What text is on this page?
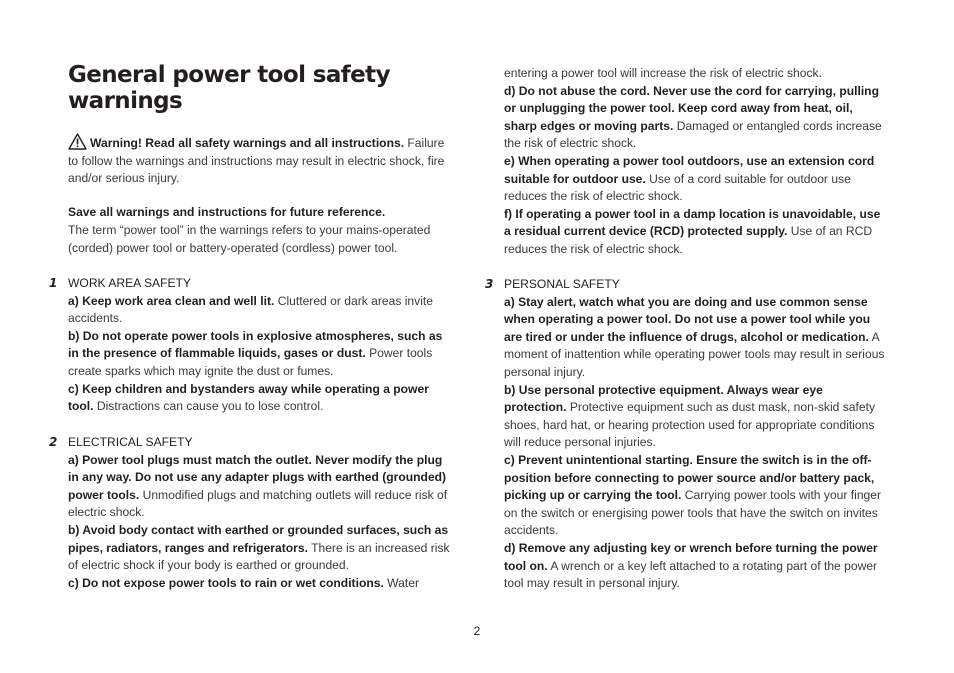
General power tool safety warnings

Warning! Read all safety warnings and all instructions. Failure to follow the warnings and instructions may result in electric shock, fire and/or serious injury.

Save all warnings and instructions for future reference.

The term “power tool” in the warnings refers to your mains-operated (corded) power tool or battery-operated (cordless) power tool.

1 WORK AREA SAFETY

a) Keep work area clean and well lit. Cluttered or dark areas invite accidents.

b) Do not operate power tools in explosive atmospheres, such as in the presence of flammable liquids, gases or dust. Power tools create sparks which may ignite the dust or fumes.

c) Keep children and bystanders away while operating a power tool. Distractions can cause you to lose control.

2 ELECTRICAL SAFETY

a) Power tool plugs must match the outlet. Never modify the plug in any way. Do not use any adapter plugs with earthed (grounded) power tools. Unmodified plugs and matching outlets will reduce risk of electric shock.

b) Avoid body contact with earthed or grounded surfaces, such as pipes, radiators, ranges and refrigerators. There is an increased risk of electric shock if your body is earthed or grounded.

c) Do not expose power tools to rain or wet conditions. Water

entering a power tool will increase the risk of electric shock.

d) Do not abuse the cord. Never use the cord for carrying, pulling or unplugging the power tool. Keep cord away from heat, oil, sharp edges or moving parts. Damaged or entangled cords increase the risk of electric shock.

e) When operating a power tool outdoors, use an extension cord suitable for outdoor use. Use of a cord suitable for outdoor use reduces the risk of electric shock.

f) If operating a power tool in a damp location is unavoidable, use a residual current device (RCD) protected supply. Use of an RCD reduces the risk of electric shock.

3 PERSONAL SAFETY

a) Stay alert, watch what you are doing and use common sense when operating a power tool. Do not use a power tool while you are tired or under the influence of drugs, alcohol or medication. A moment of inattention while operating power tools may result in serious personal injury.

b) Use personal protective equipment. Always wear eye protection. Protective equipment such as dust mask, non-skid safety shoes, hard hat, or hearing protection used for appropriate conditions will reduce personal injuries.

c) Prevent unintentional starting. Ensure the switch is in the off-position before connecting to power source and/or battery pack, picking up or carrying the tool. Carrying power tools with your finger on the switch or energising power tools that have the switch on invites accidents.

d) Remove any adjusting key or wrench before turning the power tool on. A wrench or a key left attached to a rotating part of the power tool may result in personal injury.

2
